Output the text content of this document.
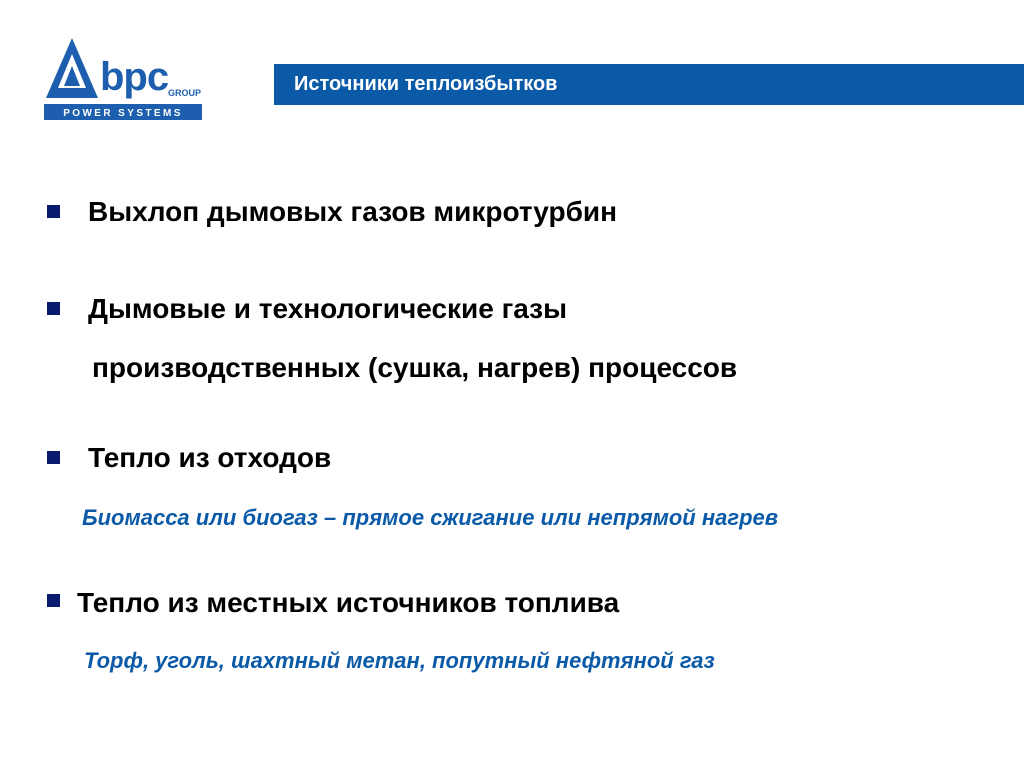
bpc GROUP
POWER SYSTEMS
Источники теплоизбытков
Выхлоп дымовых газов микротурбин
Дымовые и технологические газы
производственных (сушка, нагрев) процессов
Тепло из отходов
Биомасса или биогаз – прямое сжигание или непрямой нагрев
Тепло из местных источников топлива
Торф, уголь, шахтный метан, попутный нефтяной газ
